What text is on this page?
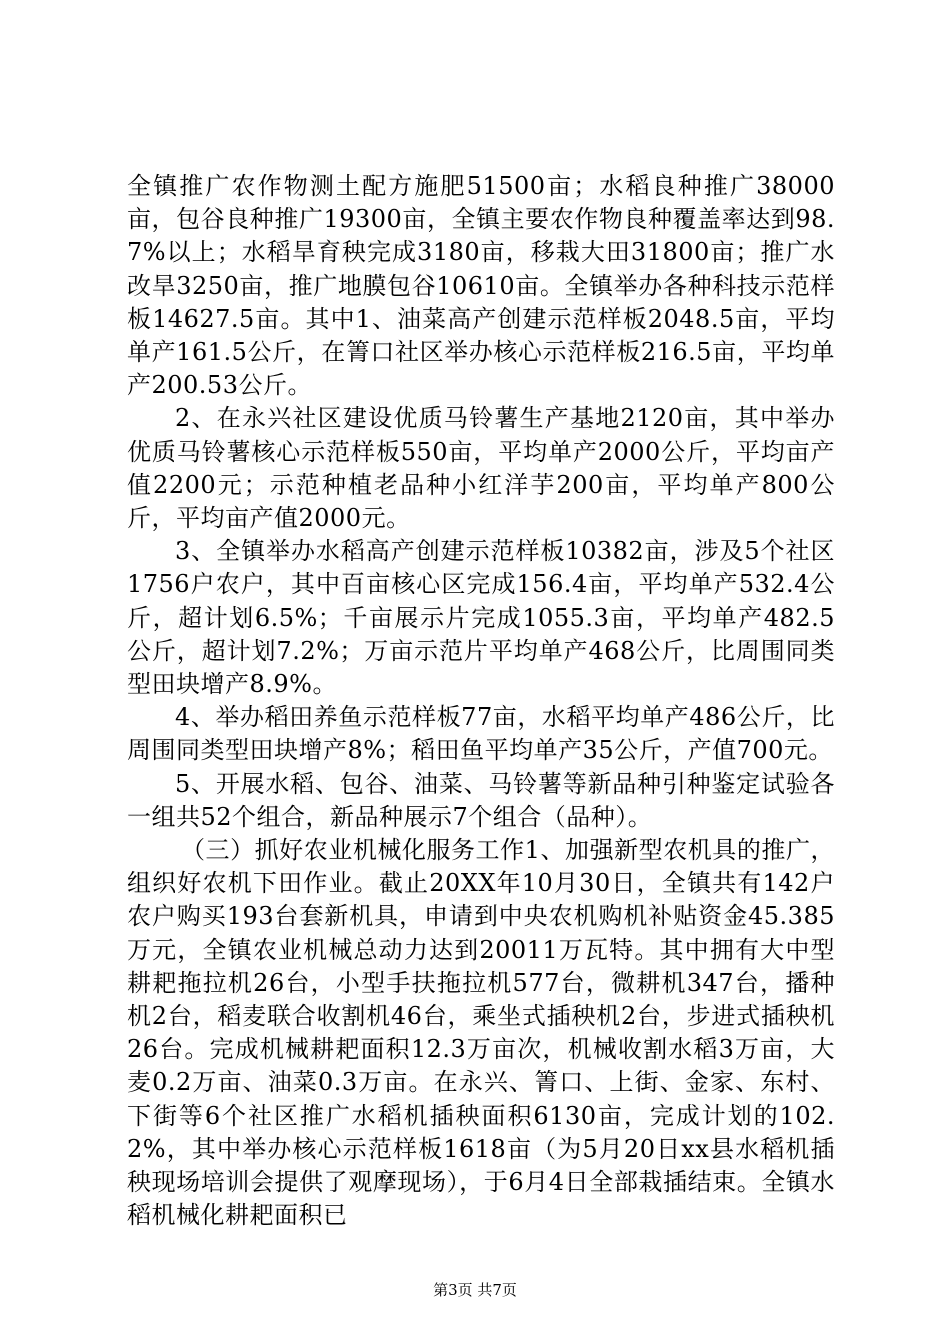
全镇推广农作物测土配方施肥51500亩；水稻良种推广38000亩，包谷良种推广19300亩，全镇主要农作物良种覆盖率达到98.7%以上；水稻旱育秧完成3180亩，移栽大田31800亩；推广水改旱3250亩，推广地膜包谷10610亩。全镇举办各种科技示范样板14627.5亩。其中1、油菜高产创建示范样板2048.5亩，平均单产161.5公斤，在箐口社区举办核心示范样板216.5亩，平均单产200.53公斤。

2、在永兴社区建设优质马铃薯生产基地2120亩，其中举办优质马铃薯核心示范样板550亩，平均单产2000公斤，平均亩产值2200元；示范种植老品种小红洋芋200亩，平均单产800公斤，平均亩产值2000元。

3、全镇举办水稻高产创建示范样板10382亩，涉及5个社区1756户农户，其中百亩核心区完成156.4亩，平均单产532.4公斤，超计划6.5%；千亩展示片完成1055.3亩，平均单产482.5公斤，超计划7.2%；万亩示范片平均单产468公斤，比周围同类型田块增产8.9%。

4、举办稻田养鱼示范样板77亩，水稻平均单产486公斤，比周围同类型田块增产8%；稻田鱼平均单产35公斤，产值700元。

5、开展水稻、包谷、油菜、马铃薯等新品种引种鉴定试验各一组共52个组合，新品种展示7个组合（品种）。

（三）抓好农业机械化服务工作1、加强新型农机具的推广，组织好农机下田作业。截止20XX年10月30日，全镇共有142户农户购买193台套新机具，申请到中央农机购机补贴资金45.385万元，全镇农业机械总动力达到20011万瓦特。其中拥有大中型耕耙拖拉机26台，小型手扶拖拉机577台，微耕机347台，播种机2台，稻麦联合收割机46台，乘坐式插秧机2台，步进式插秧机26台。完成机械耕耙面积12.3万亩次，机械收割水稻3万亩，大麦0.2万亩、油菜0.3万亩。在永兴、箐口、上街、金家、东村、下街等6个社区推广水稻机插秧面积6130亩，完成计划的102.2%，其中举办核心示范样板1618亩（为5月20日xx县水稻机插秧现场培训会提供了观摩现场），于6月4日全部栽插结束。全镇水稻机械化耕耙面积已

第3页 共7页
